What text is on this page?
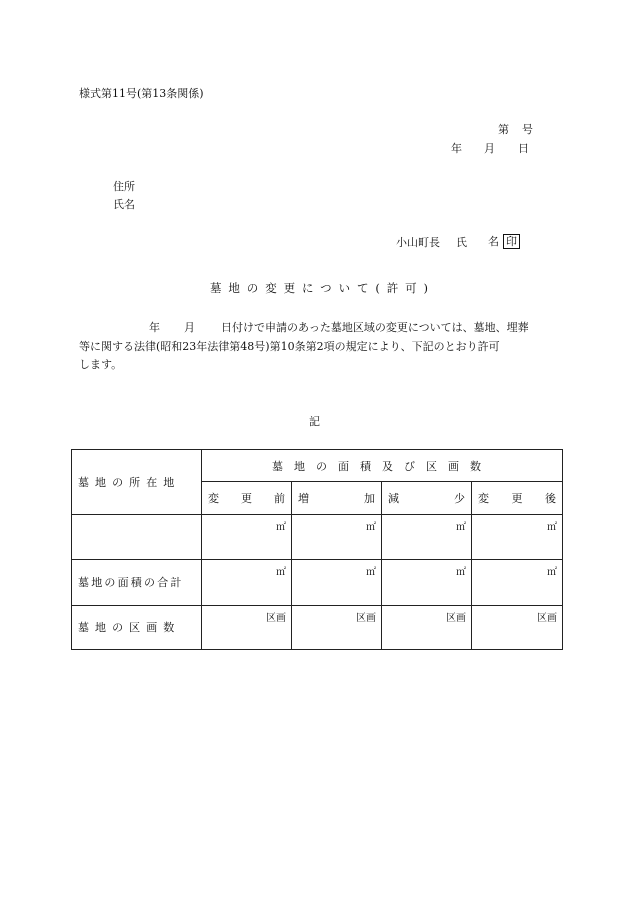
様式第11号(第13条関係)
第 号
年 月 日
住所
氏名
小山町長 氏 名 印
墓地の変更について(許可)
年 月 日付けで申請のあった墓地区域の変更については、墓地、埋葬
等に関する法律(昭和23年法律第48号)第10条第2項の規定により、下記のとおり許可
します。
記
墓地の所在地	墓地の面積及び区画数			

	変 更 前	増 加	減 少	変 更 後

	㎡	㎡	㎡	㎡
墓地の面積の合計	㎡	㎡	㎡	㎡
墓地の区画数	区画	区画	区画	区画
